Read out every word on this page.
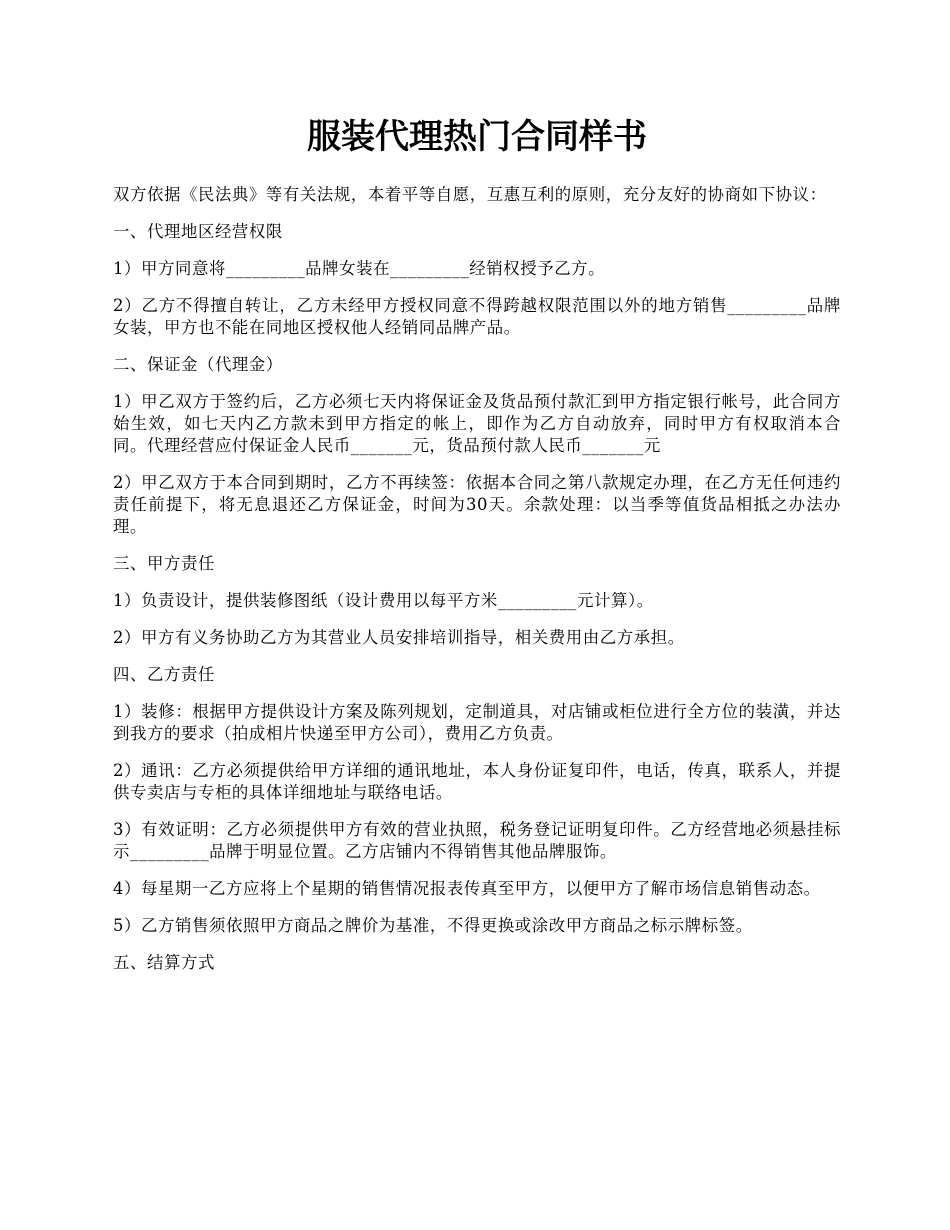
服装代理热门合同样书

双方依据《民法典》等有关法规，本着平等自愿，互惠互利的原则，充分友好的协商如下协议：

一、代理地区经营权限

1）甲方同意将_________品牌女装在_________经销权授予乙方。

2）乙方不得擅自转让，乙方未经甲方授权同意不得跨越权限范围以外的地方销售_________品牌女装，甲方也不能在同地区授权他人经销同品牌产品。

二、保证金（代理金）

1）甲乙双方于签约后，乙方必须七天内将保证金及货品预付款汇到甲方指定银行帐号，此合同方始生效，如七天内乙方款未到甲方指定的帐上，即作为乙方自动放弃，同时甲方有权取消本合同。代理经营应付保证金人民币_______元，货品预付款人民币_______元

2）甲乙双方于本合同到期时，乙方不再续签：依据本合同之第八款规定办理，在乙方无任何违约责任前提下，将无息退还乙方保证金，时间为30天。余款处理：以当季等值货品相抵之办法办理。

三、甲方责任

1）负责设计，提供装修图纸（设计费用以每平方米_________元计算）。

2）甲方有义务协助乙方为其营业人员安排培训指导，相关费用由乙方承担。

四、乙方责任

1）装修：根据甲方提供设计方案及陈列规划，定制道具，对店铺或柜位进行全方位的装潢，并达到我方的要求（拍成相片快递至甲方公司），费用乙方负责。

2）通讯：乙方必须提供给甲方详细的通讯地址，本人身份证复印件，电话，传真，联系人，并提供专卖店与专柜的具体详细地址与联络电话。

3）有效证明：乙方必须提供甲方有效的营业执照，税务登记证明复印件。乙方经营地必须悬挂标示_________品牌于明显位置。乙方店铺内不得销售其他品牌服饰。

4）每星期一乙方应将上个星期的销售情况报表传真至甲方，以便甲方了解市场信息销售动态。

5）乙方销售须依照甲方商品之牌价为基准，不得更换或涂改甲方商品之标示牌标签。

五、结算方式
